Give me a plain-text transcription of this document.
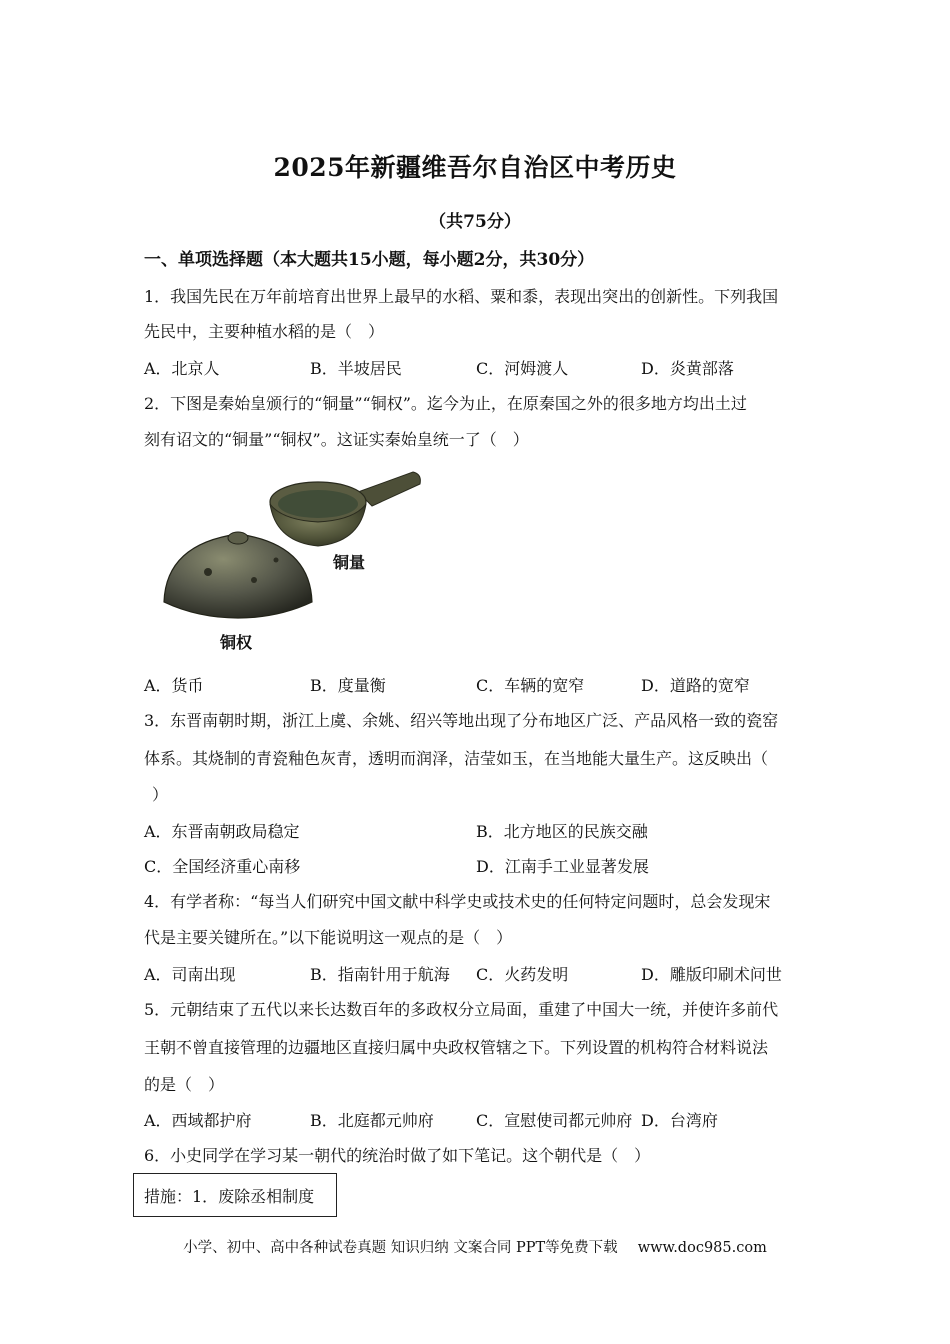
2025年新疆维吾尔自治区中考历史
（共75分）
一、单项选择题（本大题共15小题，每小题2分，共30分）
1．我国先民在万年前培育出世界上最早的水稻、粟和黍，表现出突出的创新性。下列我国
先民中，主要种植水稻的是（　）
A．北京人	B．半坡居民	C．河姆渡人	D．炎黄部落
2．下图是秦始皇颁行的“铜量”“铜权”。迄今为止，在原秦国之外的很多地方均出土过
刻有诏文的“铜量”“铜权”。这证实秦始皇统一了（　）
铜量
铜权
A．货币	B．度量衡	C．车辆的宽窄	D．道路的宽窄
3．东晋南朝时期，浙江上虞、余姚、绍兴等地出现了分布地区广泛、产品风格一致的瓷窑
体系。其烧制的青瓷釉色灰青，透明而润泽，洁莹如玉，在当地能大量生产。这反映出（
）
A．东晋南朝政局稳定	B．北方地区的民族交融
C．全国经济重心南移	D．江南手工业显著发展
4．有学者称：“每当人们研究中国文献中科学史或技术史的任何特定问题时，总会发现宋
代是主要关键所在。”以下能说明这一观点的是（　）
A．司南出现	B．指南针用于航海 C．火药发明	D．雕版印刷术问世
5．元朝结束了五代以来长达数百年的多政权分立局面，重建了中国大一统，并使许多前代
王朝不曾直接管理的边疆地区直接归属中央政权管辖之下。下列设置的机构符合材料说法
的是（　）
A．西域都护府	B．北庭都元帅府	C．宣慰使司都元帅府 D．台湾府
6．小史同学在学习某一朝代的统治时做了如下笔记。这个朝代是（　）
措施：1．废除丞相制度
小学、初中、高中各种试卷真题 知识归纳 文案合同 PPT等免费下载 www.doc985.com
